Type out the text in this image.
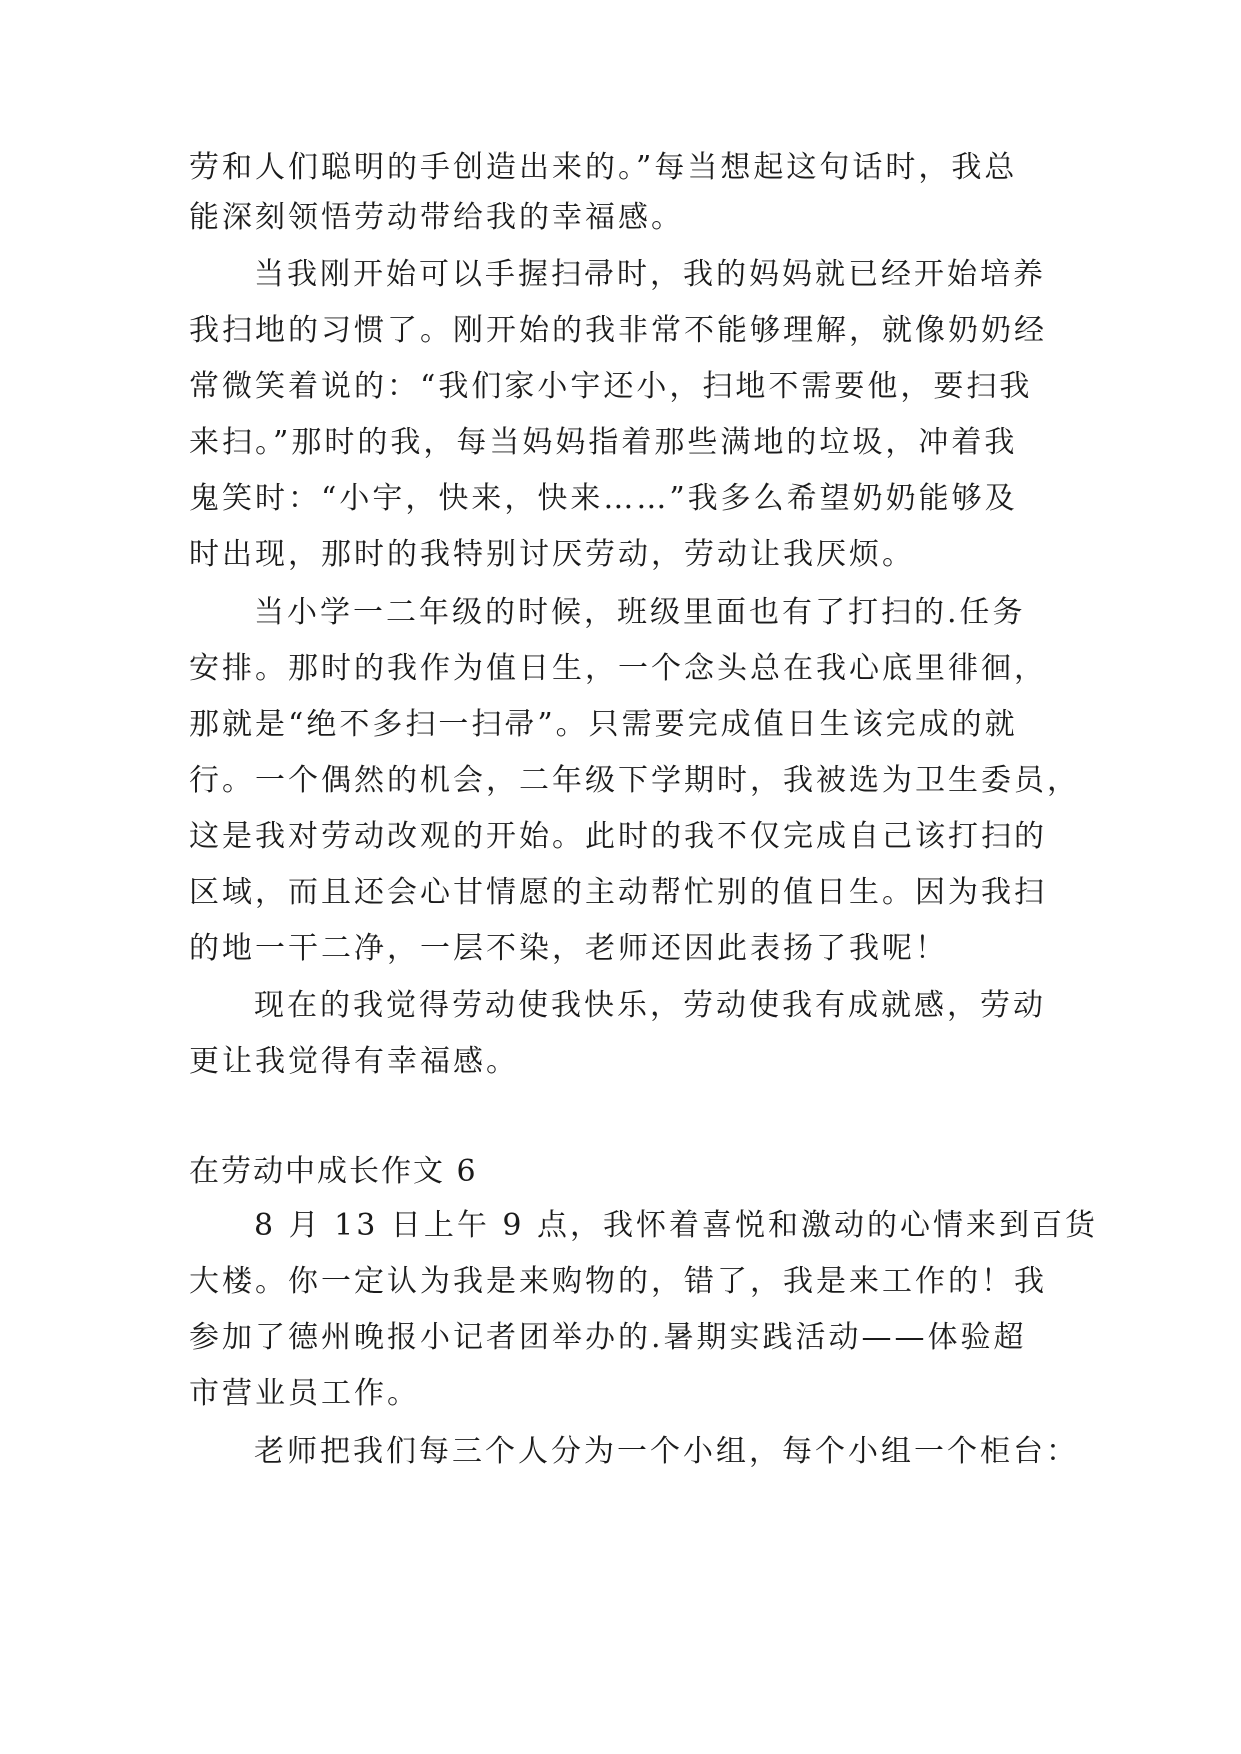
劳和人们聪明的手创造出来的。”每当想起这句话时，我总
能深刻领悟劳动带给我的幸福感。
当我刚开始可以手握扫帚时，我的妈妈就已经开始培养
我扫地的习惯了。刚开始的我非常不能够理解，就像奶奶经
常微笑着说的：“我们家小宇还小，扫地不需要他，要扫我
来扫。”那时的我，每当妈妈指着那些满地的垃圾，冲着我
鬼笑时：“小宇，快来，快来……”我多么希望奶奶能够及
时出现，那时的我特别讨厌劳动，劳动让我厌烦。
当小学一二年级的时候，班级里面也有了打扫的.任务
安排。那时的我作为值日生，一个念头总在我心底里徘徊，
那就是“绝不多扫一扫帚”。只需要完成值日生该完成的就
行。一个偶然的机会，二年级下学期时，我被选为卫生委员，
这是我对劳动改观的开始。此时的我不仅完成自己该打扫的
区域，而且还会心甘情愿的主动帮忙别的值日生。因为我扫
的地一干二净，一层不染，老师还因此表扬了我呢！
现在的我觉得劳动使我快乐，劳动使我有成就感，劳动
更让我觉得有幸福感。
在劳动中成长作文 6
8 月 13 日上午 9 点，我怀着喜悦和激动的心情来到百货
大楼。你一定认为我是来购物的，错了，我是来工作的！我
参加了德州晚报小记者团举办的.暑期实践活动——体验超
市营业员工作。
老师把我们每三个人分为一个小组，每个小组一个柜台：
